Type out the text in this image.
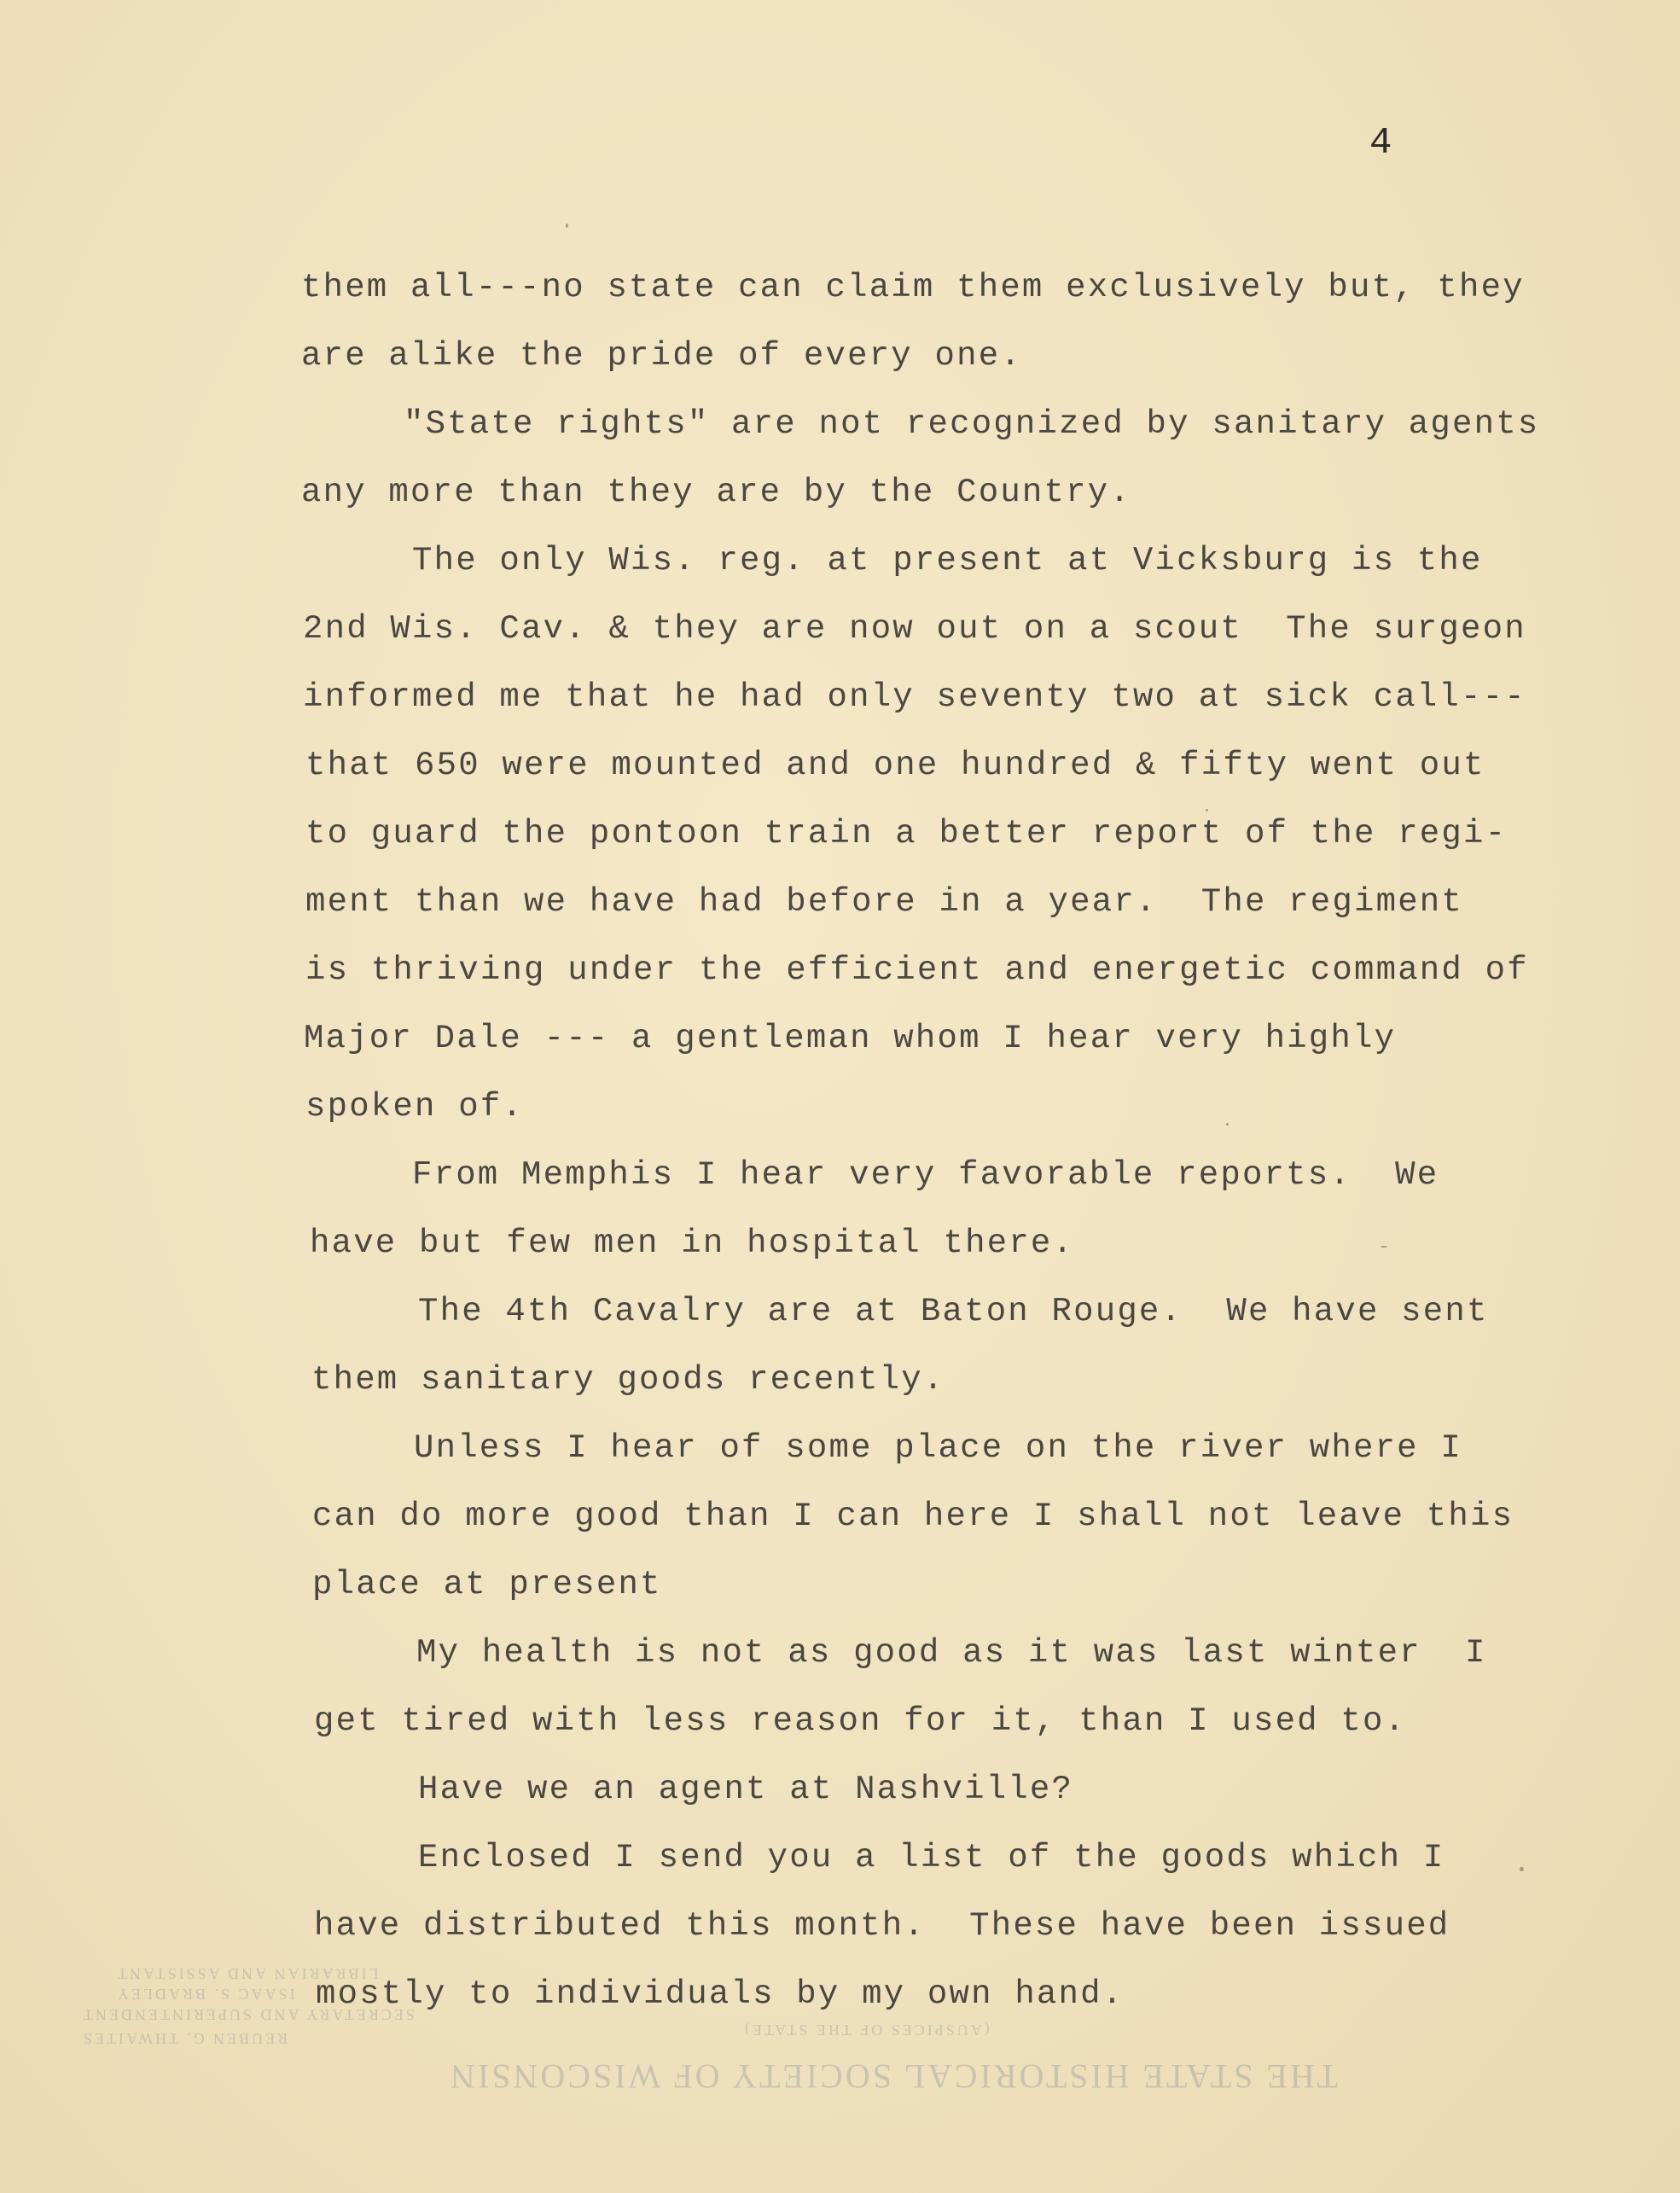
4
them all---no state can claim them exclusively but, they
are alike the pride of every one.
"State rights" are not recognized by sanitary agents
any more than they are by the Country.
The only Wis. reg. at present at Vicksburg is the
2nd Wis. Cav. & they are now out on a scout  The surgeon
informed me that he had only seventy two at sick call---
that 650 were mounted and one hundred & fifty went out
to guard the pontoon train a better report of the regi-
ment than we have had before in a year.  The regiment
is thriving under the efficient and energetic command of
Major Dale --- a gentleman whom I hear very highly
spoken of.
From Memphis I hear very favorable reports.  We
have but few men in hospital there.
The 4th Cavalry are at Baton Rouge.  We have sent
them sanitary goods recently.
Unless I hear of some place on the river where I
can do more good than I can here I shall not leave this
place at present
My health is not as good as it was last winter  I
get tired with less reason for it, than I used to.
Have we an agent at Nashville?
Enclosed I send you a list of the goods which I
have distributed this month.  These have been issued
mostly to individuals by my own hand.
THE STATE HISTORICAL SOCIETY OF WISCONSIN
REUBEN G. THWAITES
SECRETARY AND SUPERINTENDENT
(AUSPICES OF THE STATE)
ISAAC S. BRADLEY
LIBRARIAN AND ASSISTANT
